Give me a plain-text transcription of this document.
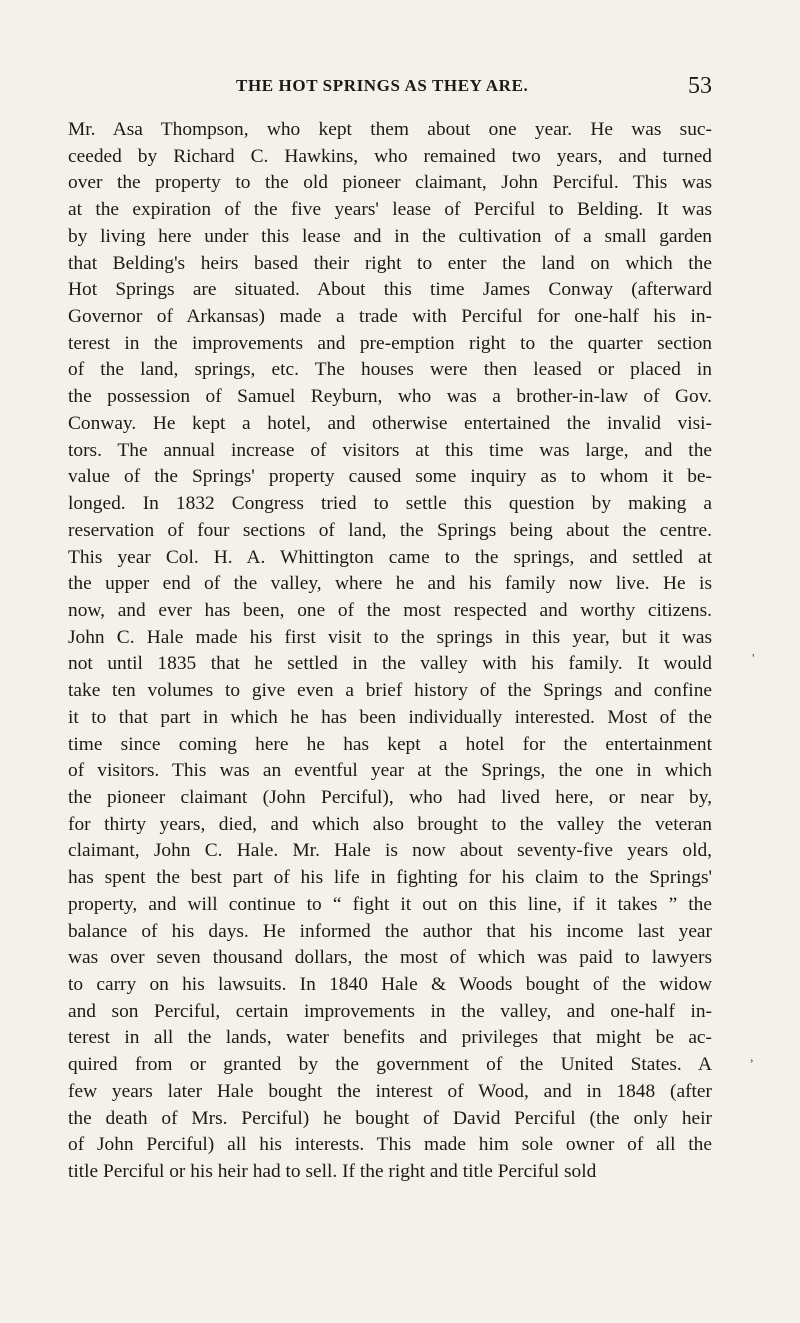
THE HOT SPRINGS AS THEY ARE.	53
Mr. Asa Thompson, who kept them about one year. He was suc-
ceeded by Richard C. Hawkins, who remained two years, and turned
over the property to the old pioneer claimant, John Perciful. This was
at the expiration of the five years' lease of Perciful to Belding. It was
by living here under this lease and in the cultivation of a small garden
that Belding's heirs based their right to enter the land on which the
Hot Springs are situated. About this time James Conway (afterward
Governor of Arkansas) made a trade with Perciful for one-half his in-
terest in the improvements and pre-emption right to the quarter section
of the land, springs, etc. The houses were then leased or placed in
the possession of Samuel Reyburn, who was a brother-in-law of Gov.
Conway. He kept a hotel, and otherwise entertained the invalid visi-
tors. The annual increase of visitors at this time was large, and the
value of the Springs' property caused some inquiry as to whom it be-
longed. In 1832 Congress tried to settle this question by making a
reservation of four sections of land, the Springs being about the centre.
This year Col. H. A. Whittington came to the springs, and settled at
the upper end of the valley, where he and his family now live. He is
now, and ever has been, one of the most respected and worthy citizens.
John C. Hale made his first visit to the springs in this year, but it was
not until 1835 that he settled in the valley with his family. It would
take ten volumes to give even a brief history of the Springs and confine
it to that part in which he has been individually interested. Most of the
time since coming here he has kept a hotel for the entertainment
of visitors. This was an eventful year at the Springs, the one in which
the pioneer claimant (John Perciful), who had lived here, or near by,
for thirty years, died, and which also brought to the valley the veteran
claimant, John C. Hale. Mr. Hale is now about seventy-five years old,
has spent the best part of his life in fighting for his claim to the Springs'
property, and will continue to “ fight it out on this line, if it takes ” the
balance of his days. He informed the author that his income last year
was over seven thousand dollars, the most of which was paid to lawyers
to carry on his lawsuits. In 1840 Hale & Woods bought of the widow
and son Perciful, certain improvements in the valley, and one-half in-
terest in all the lands, water benefits and privileges that might be ac-
quired from or granted by the government of the United States. A
few years later Hale bought the interest of Wood, and in 1848 (after
the death of Mrs. Perciful) he bought of David Perciful (the only heir
of John Perciful) all his interests. This made him sole owner of all the
title Perciful or his heir had to sell. If the right and title Perciful sold
'
,
